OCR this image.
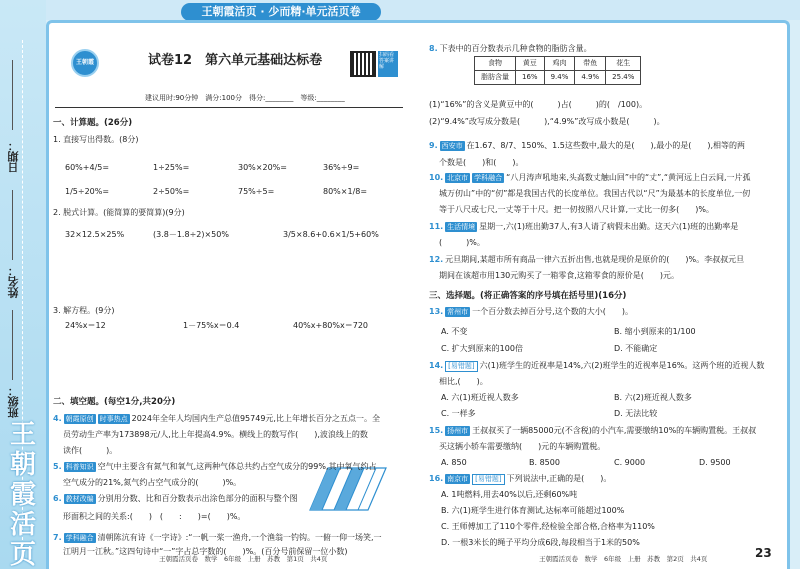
日期：
姓名：
班级：
王
朝
霞
活
页
王朝霞活页 · 少而精·单元活页卷
王朝霞	试卷12　第六单元基础达标卷	扫码看答案讲解
建议用时:90分钟　满分:100分　得分:________　等级:________
一、计算题。(26分)
1. 直接写出得数。(8分)
60%+4/5=	1÷25%=	30%×20%=	36%÷9=
1/5÷20%=	2÷50%=	75%÷5=	80%×1/8=
2. 脱式计算。(能简算的要简算)(9分)
32×12.5×25%	(3.8－1.8÷2)×50%	3/5×8.6+0.6×1/5+60%
3. 解方程。(9分)
24%x＝12	1－75%x＝0.4	40%x+80%x＝720
二、填空题。(每空1分,共20分)
4. 朝霞原创 时事热点 2024年全年人均国内生产总值95749元,比上年增长百分之五点一。全
员劳动生产率为173898元/人,比上年提高4.9%。横线上的数写作(　　),波浪线上的数
读作(　　　)。
5. 科普知识 空气中主要含有氮气和氧气,这两种气体总共约占空气成分的99%,其中氧气约占
空气成分的21%,氮气约占空气成分的(　　　)%。
6. 教材改编 分别用分数、比和百分数表示出涂色部分的面积与整个图
形面积之间的关系:(　　)　(　　:　　)=(　　)%。
7. 学科融合 清朝陈沆有诗《一字诗》:“一帆一桨一渔舟,一个渔翁一钓钩。一俯一仰一场笑,一
江明月一江秋。”这四句诗中“一”字占总字数的(　　)%。(百分号前保留一位小数)
食物	黄豆	鸡肉	带鱼	花生
脂肪含量	16%	9.4%	4.9%	25.4%
8. 下表中的百分数表示几种食物的脂肪含量。
(1)“16%”的含义是黄豆中的(　　　)占(　　　)的(　/100)。
(2)“9.4%”改写成分数是(　　　),“4.9%”改写成小数是(　　　)。
9. 西安市 在1.67、8/7、150%、1.5这些数中,最大的是(　　),最小的是(　　),相等的两
个数是(　　)和(　　)。
10. 北京市 学科融合 “八月涛声吼地来,头高数丈触山回”中的“丈”,“黄河远上白云间,一片孤
城万仞山”中的“仞”都是我国古代的长度单位。我国古代以“尺”为最基本的长度单位,一仞
等于八尺或七尺,一丈等于十尺。把一仞按照八尺计算,一丈比一仞多(　　)%。
11. 生活情境 星期一,六(1)班出勤37人,有3人请了病假未出勤。这天六(1)班的出勤率是
(　　　)%。
12. 元旦期间,某超市所有商品一律六五折出售,也就是现价是原价的(　　)%。李叔叔元旦
期间在该超市用130元购买了一箱零食,这箱零食的原价是(　　)元。
三、选择题。(将正确答案的序号填在括号里)(16分)
13. 常州市 一个百分数去掉百分号,这个数的大小(　　)。
A. 不变	B. 缩小到原来的1/100
C. 扩大到原来的100倍	D. 不能确定
14. [易错题] 六(1)班学生的近视率是14%,六(2)班学生的近视率是16%。这两个班的近视人数
相比,(　　)。
A. 六(1)班近视人数多	B. 六(2)班近视人数多
C. 一样多	D. 无法比较
15. 扬州市 王叔叔买了一辆85000元(不含税)的小汽车,需要缴纳10%的车辆购置税。王叔叔
买这辆小轿车需要缴纳(　　)元的车辆购置税。
A. 850	B. 8500	C. 9000	D. 9500
16. 南京市 [易错题] 下列说法中,正确的是(　　)。
A. 1吨燃料,用去40%以后,还剩60%吨
B. 六(1)班学生进行体育测试,达标率可能超过100%
C. 王师傅加工了110个零件,经检验全部合格,合格率为110%
D. 一根3米长的绳子平均分成6段,每段相当于1米的50%
王朝霞活页卷　数学　6年级　上册　苏教　第1页　共4页	王朝霞活页卷　数学　6年级　上册　苏教　第2页　共4页	23
